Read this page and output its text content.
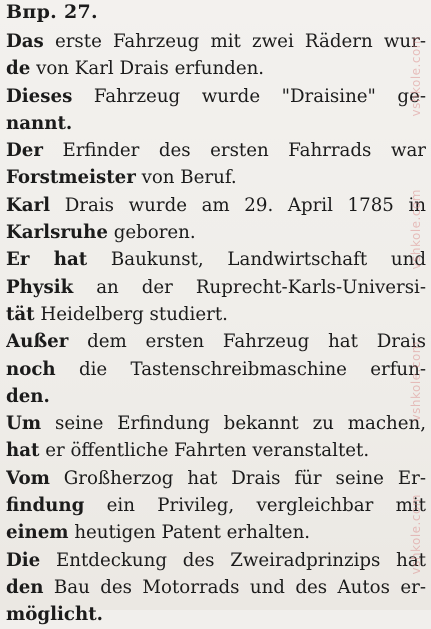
Впр. 27.
Das erste Fahrzeug mit zwei Rädern wur-
de von Karl Drais erfunden.
Dieses Fahrzeug wurde "Draisine" ge-
nannt.
Der Erfinder des ersten Fahrrads war
Forstmeister von Beruf.
Karl Drais wurde am 29. April 1785 in
Karlsruhe geboren.
Er hat Baukunst, Landwirtschaft und
Physik an der Ruprecht-Karls-Universi-
tät Heidelberg studiert.
Außer dem ersten Fahrzeug hat Drais
noch die Tastenschreibmaschine erfun-
den.
Um seine Erfindung bekannt zu machen,
hat er öffentliche Fahrten veranstaltet.
Vom Großherzog hat Drais für seine Er-
findung ein Privileg, vergleichbar mit
einem heutigen Patent erhalten.
Die Entdeckung des Zweiradprinzips hat
den Bau des Motorrads und des Autos er-
möglicht.
vshkole.com
vshkole.com
vshkole.com
vshkole.com
